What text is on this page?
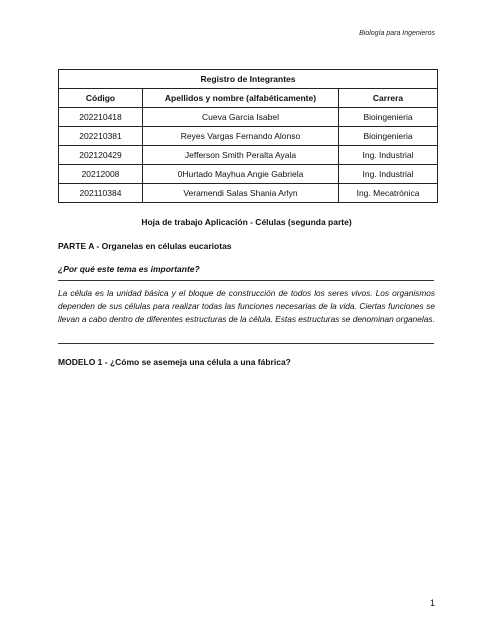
Biología para Ingenieros
Registro de Integrantes		
Código	Apellidos y nombre (alfabéticamente)	Carrera
202210418	Cueva Garcia Isabel	Bioingenieria
202210381	Reyes Vargas Fernando Alonso	Bioingenieria
202120429	Jefferson Smith Peralta Ayala	Ing. Industrial
20212008	0Hurtado Mayhua Angie Gabriela	Ing. Industrial
202110384	Veramendi Salas Shania Arlyn	Ing. Mecatrónica
Hoja de trabajo Aplicación - Células (segunda parte)
PARTE A - Organelas en células eucariotas
¿Por qué este tema es importante?
La célula es la unidad básica y el bloque de construcción de todos los seres vivos. Los organismos dependen de sus células para realizar todas las funciones necesarias de la vida. Ciertas funciones se llevan a cabo dentro de diferentes estructuras de la célula. Estas estructuras se denominan organelas.
MODELO 1 - ¿Cómo se asemeja una célula a una fábrica?
1
